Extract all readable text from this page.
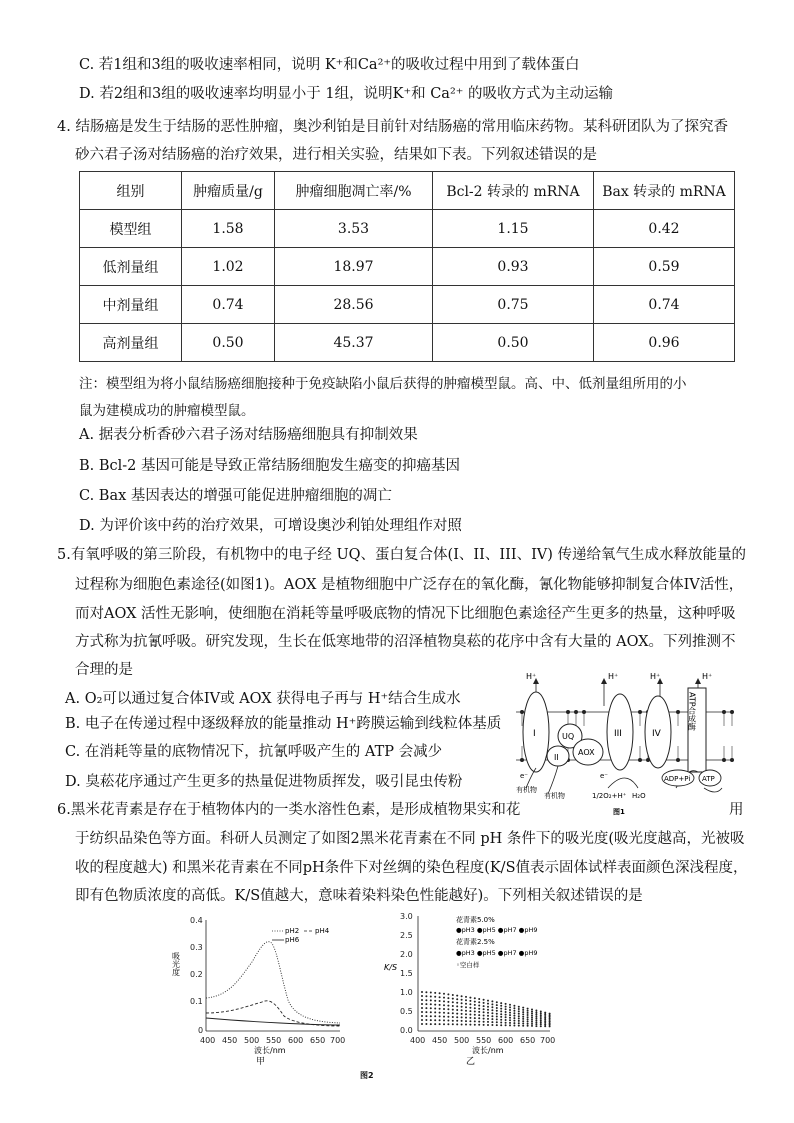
C. 若1组和3组的吸收速率相同，说明 K⁺和Ca²⁺的吸收过程中用到了载体蛋白
D. 若2组和3组的吸收速率均明显小于 1组，说明K⁺和 Ca²⁺ 的吸收方式为主动运输
4. 结肠癌是发生于结肠的恶性肿瘤，奥沙利铂是目前针对结肠癌的常用临床药物。某科研团队为了探究香
砂六君子汤对结肠癌的治疗效果，进行相关实验，结果如下表。下列叙述错误的是
组别	肿瘤质量/g	肿瘤细胞凋亡率/%	Bcl-2 转录的 mRNA	Bax 转录的 mRNA
模型组	1.58	3.53	1.15	0.42
低剂量组	1.02	18.97	0.93	0.59
中剂量组	0.74	28.56	0.75	0.74
高剂量组	0.50	45.37	0.50	0.96
注：模型组为将小鼠结肠癌细胞接种于免疫缺陷小鼠后获得的肿瘤模型鼠。高、中、低剂量组所用的小
鼠为建模成功的肿瘤模型鼠。
A. 据表分析香砂六君子汤对结肠癌细胞具有抑制效果
B. Bcl-2 基因可能是导致正常结肠细胞发生癌变的抑癌基因
C. Bax 基因表达的增强可能促进肿瘤细胞的凋亡
D. 为评价该中药的治疗效果，可增设奥沙利铂处理组作对照
5.有氧呼吸的第三阶段，有机物中的电子经 UQ、蛋白复合体(I、II、III、IV) 传递给氧气生成水释放能量的
过程称为细胞色素途径(如图1)。AOX 是植物细胞中广泛存在的氧化酶，氰化物能够抑制复合体IV活性，
而对AOX 活性无影响，使细胞在消耗等量呼吸底物的情况下比细胞色素途径产生更多的热量，这种呼吸
方式称为抗氰呼吸。研究发现，生长在低寒地带的沼泽植物臭菘的花序中含有大量的 AOX。下列推测不
合理的是
A. O₂可以通过复合体IV或 AOX 获得电子再与 H⁺结合生成水
B. 电子在传递过程中逐级释放的能量推动 H⁺跨膜运输到线粒体基质
C. 在消耗等量的底物情况下，抗氰呼吸产生的 ATP 会减少
D. 臭菘花序通过产生更多的热量促进物质挥发，吸引昆虫传粉
H⁺	H⁺	H⁺	H⁺
I	UQ
II
AOX
III	IV
ATP合成酶
e⁻	e⁻
有机物
有机物	1/2O₂+H⁺ H₂O
ADP+Pi ATP
图1
6.黑米花青素是存在于植物体内的一类水溶性色素，是形成植物果实和花	用
于纺织品染色等方面。科研人员测定了如图2黑米花青素在不同 pH 条件下的吸光度(吸光度越高，光被吸
收的程度越大) 和黑米花青素在不同pH条件下对丝绸的染色程度(K/S值表示固体试样表面颜色深浅程度，
即有色物质浓度的高低。K/S值越大，意味着染料染色性能越好)。下列相关叙述错误的是
0.4
0.3
0.2
0.1
0
400 450 500 550 600 650 700
吸光度
波长/nm
甲
pH2 pH4
pH6
3.0
2.5
2.0
1.5
1.0
0.5
0.0
400 450 500 550 600 650 700
K/S
波长/nm
乙
花青素5.0%
●pH3 ●pH5 ●pH7 ●pH9
花青素2.5%
●pH3 ●pH5 ●pH7 ●pH9
◦空白样
图2
